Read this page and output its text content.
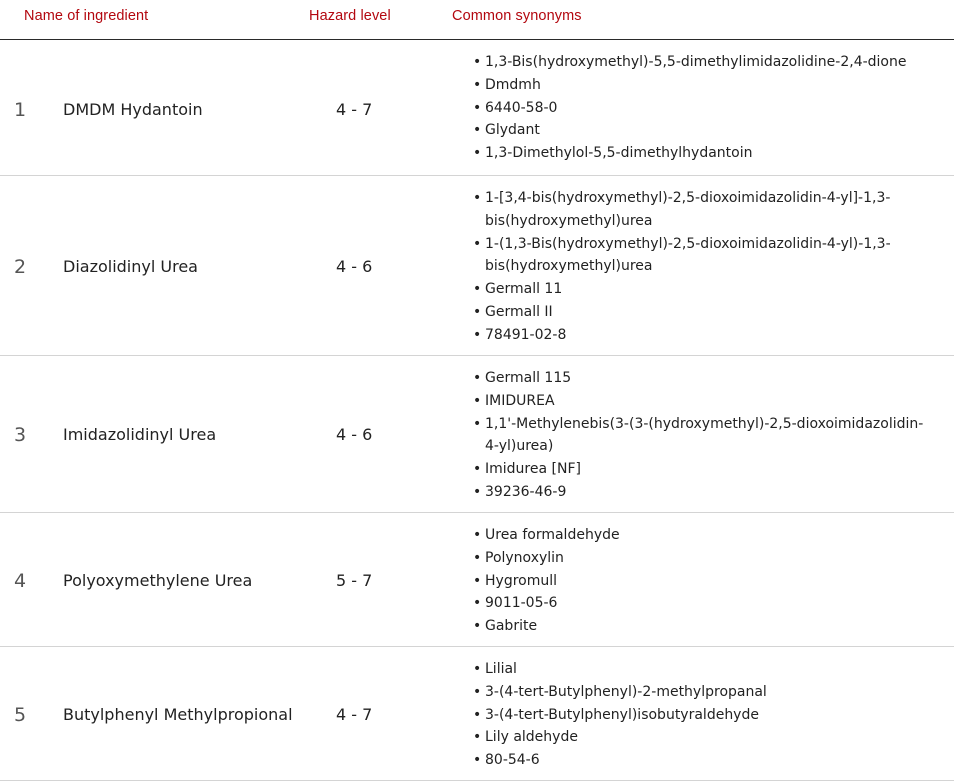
Name of ingredient	Hazard level	Common synonyms
1 DMDM Hydantoin	4 - 7
• 1,3-Bis(hydroxymethyl)-5,5-dimethylimidazolidine-2,4-dione
• Dmdmh
• 6440-58-0
• Glydant
• 1,3-Dimethylol-5,5-dimethylhydantoin
2 Diazolidinyl Urea	4 - 6
• 1-[3,4-bis(hydroxymethyl)-2,5-dioxoimidazolidin-4-yl]-1,3-bis(hydroxymethyl)urea
• 1-(1,3-Bis(hydroxymethyl)-2,5-dioxoimidazolidin-4-yl)-1,3-bis(hydroxymethyl)urea
• Germall 11
• Germall II
• 78491-02-8
3 Imidazolidinyl Urea	4 - 6
• Germall 115
• IMIDUREA
• 1,1'-Methylenebis(3-(3-(hydroxymethyl)-2,5-dioxoimidazolidin-4-yl)urea)
• Imidurea [NF]
• 39236-46-9
4 Polyoxymethylene Urea	5 - 7
• Urea formaldehyde
• Polynoxylin
• Hygromull
• 9011-05-6
• Gabrite
5 Butylphenyl Methylpropional	4 - 7
• Lilial
• 3-(4-tert-Butylphenyl)-2-methylpropanal
• 3-(4-tert-Butylphenyl)isobutyraldehyde
• Lily aldehyde
• 80-54-6
